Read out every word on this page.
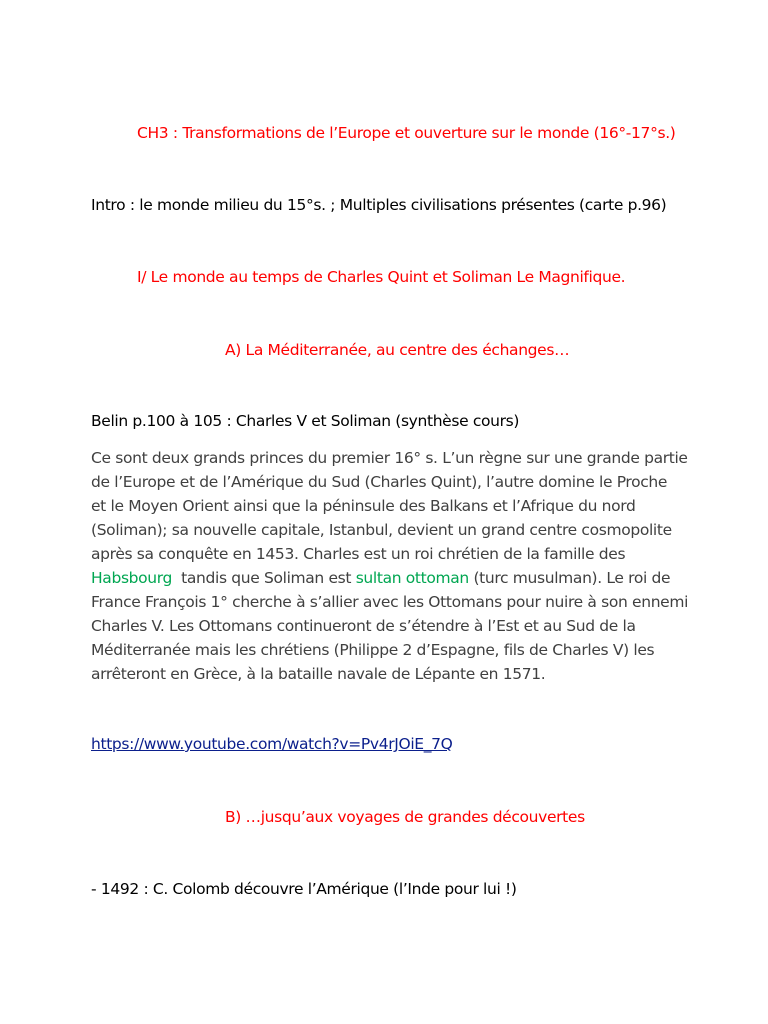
CH3 : Transformations de l’Europe et ouverture sur le monde (16°-17°s.)
Intro : le monde milieu du 15°s. ; Multiples civilisations présentes (carte p.96)
I/ Le monde au temps de Charles Quint et Soliman Le Magnifique.
A) La Méditerranée, au centre des échanges…
Belin p.100 à 105 : Charles V et Soliman (synthèse cours)
Ce sont deux grands princes du premier 16° s. L’un règne sur une grande partie
de l’Europe et de l’Amérique du Sud (Charles Quint), l’autre domine le Proche
et le Moyen Orient ainsi que la péninsule des Balkans et l’Afrique du nord
(Soliman); sa nouvelle capitale, Istanbul, devient un grand centre cosmopolite
après sa conquête en 1453. Charles est un roi chrétien de la famille des
Habsbourg  tandis que Soliman est sultan ottoman (turc musulman). Le roi de
France François 1° cherche à s’allier avec les Ottomans pour nuire à son ennemi
Charles V. Les Ottomans continueront de s’étendre à l’Est et au Sud de la
Méditerranée mais les chrétiens (Philippe 2 d’Espagne, fils de Charles V) les
arrêteront en Grèce, à la bataille navale de Lépante en 1571.
https://www.youtube.com/watch?v=Pv4rJOiE_7Q
B) …jusqu’aux voyages de grandes découvertes
- 1492 : C. Colomb découvre l’Amérique (l’Inde pour lui !)
